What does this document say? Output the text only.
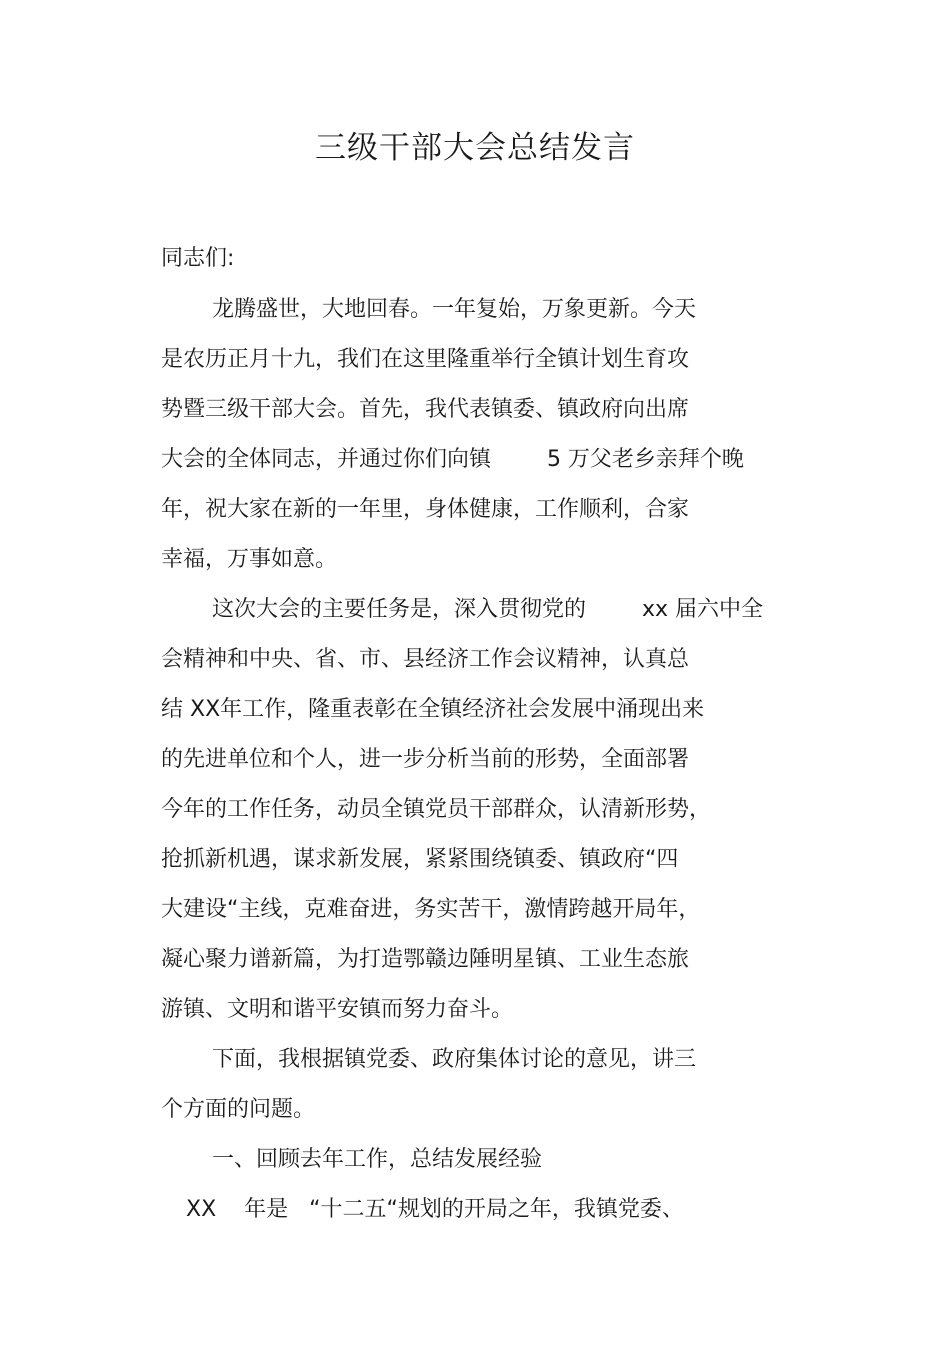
三级干部大会总结发言
同志们:
龙腾盛世，大地回春。一年复始，万象更新。今天
是农历正月十九，我们在这里隆重举行全镇计划生育攻
势暨三级干部大会。首先，我代表镇委、镇政府向出席
大会的全体同志，并通过你们向镇        5 万父老乡亲拜个晚
年，祝大家在新的一年里，身体健康，工作顺利，合家
幸福，万事如意。
这次大会的主要任务是，深入贯彻党的        xx 届六中全
会精神和中央、省、市、县经济工作会议精神，认真总
结 XX年工作，隆重表彰在全镇经济社会发展中涌现出来
的先进单位和个人，进一步分析当前的形势，全面部署
今年的工作任务，动员全镇党员干部群众，认清新形势，
抢抓新机遇，谋求新发展，紧紧围绕镇委、镇政府“四
大建设“主线，克难奋进，务实苦干，激情跨越开局年，
凝心聚力谱新篇，为打造鄂赣边陲明星镇、工业生态旅
游镇、文明和谐平安镇而努力奋斗。
下面，我根据镇党委、政府集体讨论的意见，讲三
个方面的问题。
一、回顾去年工作，总结发展经验
XX    年是   “十二五“规划的开局之年，我镇党委、
